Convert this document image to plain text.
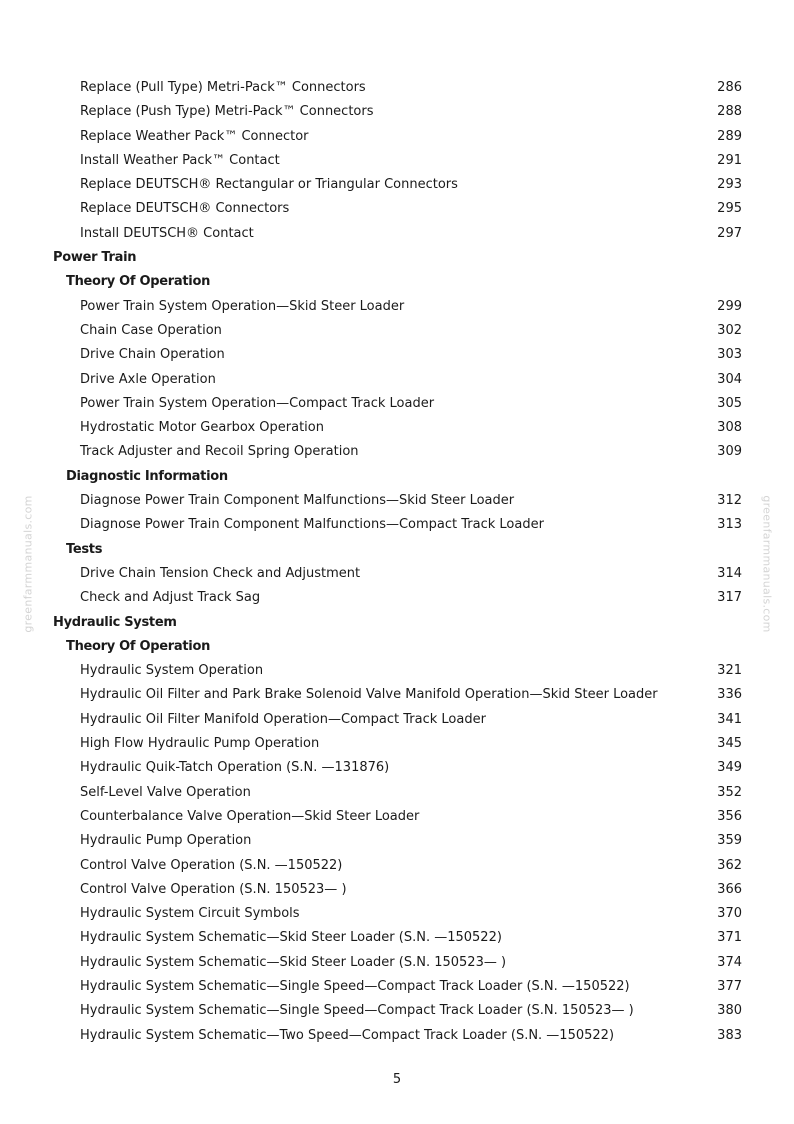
Replace (Pull Type) Metri-Pack™ Connectors	286
Replace (Push Type) Metri-Pack™ Connectors	288
Replace Weather Pack™ Connector	289
Install Weather Pack™ Contact	291
Replace DEUTSCH® Rectangular or Triangular Connectors	293
Replace DEUTSCH® Connectors	295
Install DEUTSCH® Contact	297
Power Train
Theory Of Operation
Power Train System Operation—Skid Steer Loader	299
Chain Case Operation	302
Drive Chain Operation	303
Drive Axle Operation	304
Power Train System Operation—Compact Track Loader	305
Hydrostatic Motor Gearbox Operation	308
Track Adjuster and Recoil Spring Operation	309
Diagnostic Information
Diagnose Power Train Component Malfunctions—Skid Steer Loader	312
Diagnose Power Train Component Malfunctions—Compact Track Loader	313
Tests
Drive Chain Tension Check and Adjustment	314
Check and Adjust Track Sag	317
Hydraulic System
Theory Of Operation
Hydraulic System Operation	321
Hydraulic Oil Filter and Park Brake Solenoid Valve Manifold Operation—Skid Steer Loader	336
Hydraulic Oil Filter Manifold Operation—Compact Track Loader	341
High Flow Hydraulic Pump Operation	345
Hydraulic Quik-Tatch Operation (S.N. —131876)	349
Self-Level Valve Operation	352
Counterbalance Valve Operation—Skid Steer Loader	356
Hydraulic Pump Operation	359
Control Valve Operation (S.N. —150522)	362
Control Valve Operation (S.N. 150523— )	366
Hydraulic System Circuit Symbols	370
Hydraulic System Schematic—Skid Steer Loader (S.N. —150522)	371
Hydraulic System Schematic—Skid Steer Loader (S.N. 150523— )	374
Hydraulic System Schematic—Single Speed—Compact Track Loader (S.N. —150522)	377
Hydraulic System Schematic—Single Speed—Compact Track Loader (S.N. 150523— )	380
Hydraulic System Schematic—Two Speed—Compact Track Loader (S.N. —150522)	383
5
greenfarmmanuals.com	greenfarmmanuals.com
